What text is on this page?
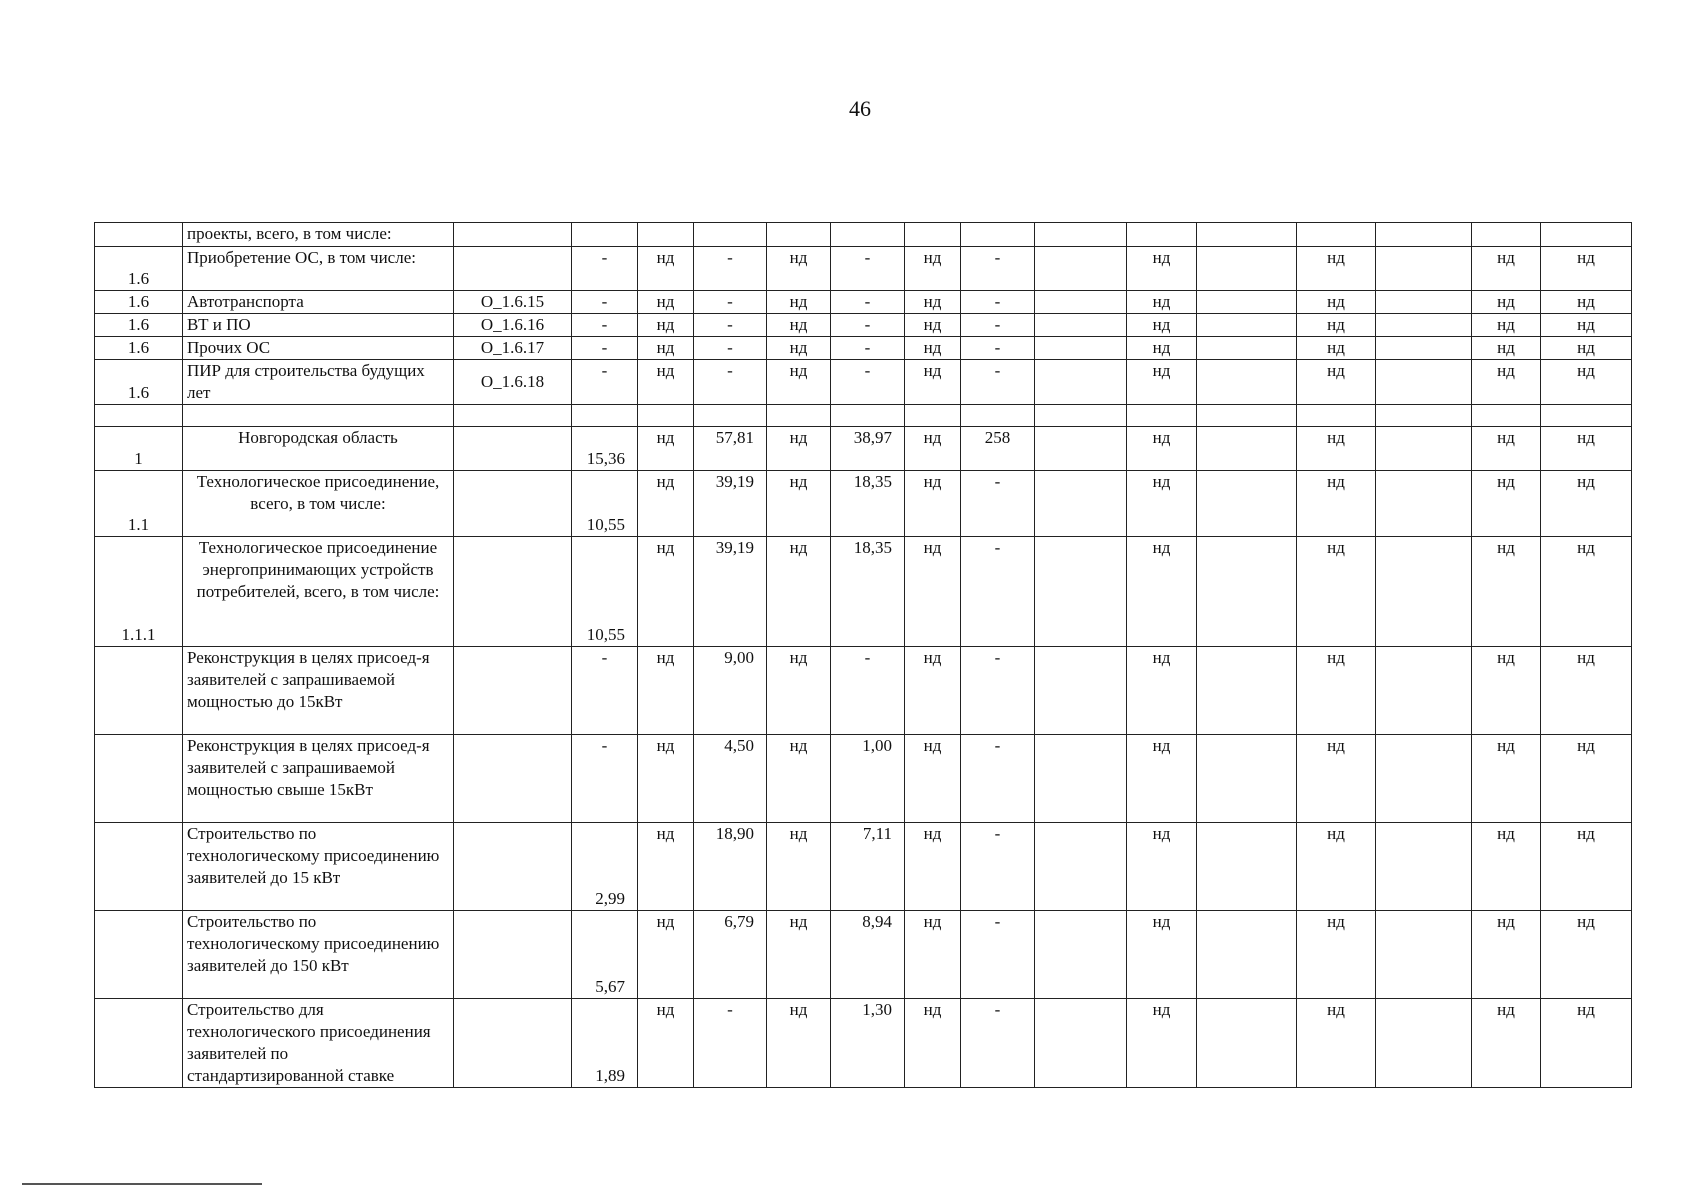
46
	проекты, всего, в том числе:															
1.6	Приобретение ОС, в том числе:		-	нд	-	нд	-	нд	-		нд		нд		нд	нд
1.6	Автотранспорта	О_1.6.15	-	нд	-	нд	-	нд	-		нд		нд		нд	нд
1.6	ВТ и ПО	О_1.6.16	-	нд	-	нд	-	нд	-		нд		нд		нд	нд
1.6	Прочих ОС	О_1.6.17	-	нд	-	нд	-	нд	-		нд		нд		нд	нд
1.6	ПИР для строительства будущих лет	О_1.6.18	-	нд	-	нд	-	нд	-		нд		нд		нд	нд

1	Новгородская область		15,36	нд	57,81	нд	38,97	нд	258		нд		нд		нд	нд
1.1	Технологическое присоединение, всего, в том числе:		10,55	нд	39,19	нд	18,35	нд	-		нд		нд		нд	нд
1.1.1	Технологическое присоединение энергопринимающих устройств потребителей, всего, в том числе:		10,55	нд	39,19	нд	18,35	нд	-		нд		нд		нд	нд
	Реконструкция в целях присоед-я заявителей с запрашиваемой мощностью до 15кВт		-	нд	9,00	нд	-	нд	-		нд		нд		нд	нд
	Реконструкция в целях присоед-я заявителей с запрашиваемой мощностью свыше 15кВт		-	нд	4,50	нд	1,00	нд	-		нд		нд		нд	нд
	Строительство по технологическому присоединению заявителей до 15 кВт		2,99	нд	18,90	нд	7,11	нд	-		нд		нд		нд	нд
	Строительство по технологическому присоединению заявителей до 150 кВт		5,67	нд	6,79	нд	8,94	нд	-		нд		нд		нд	нд
	Строительство для технологического присоединения заявителей по стандартизированной ставке		1,89	нд	-	нд	1,30	нд	-		нд		нд		нд	нд
